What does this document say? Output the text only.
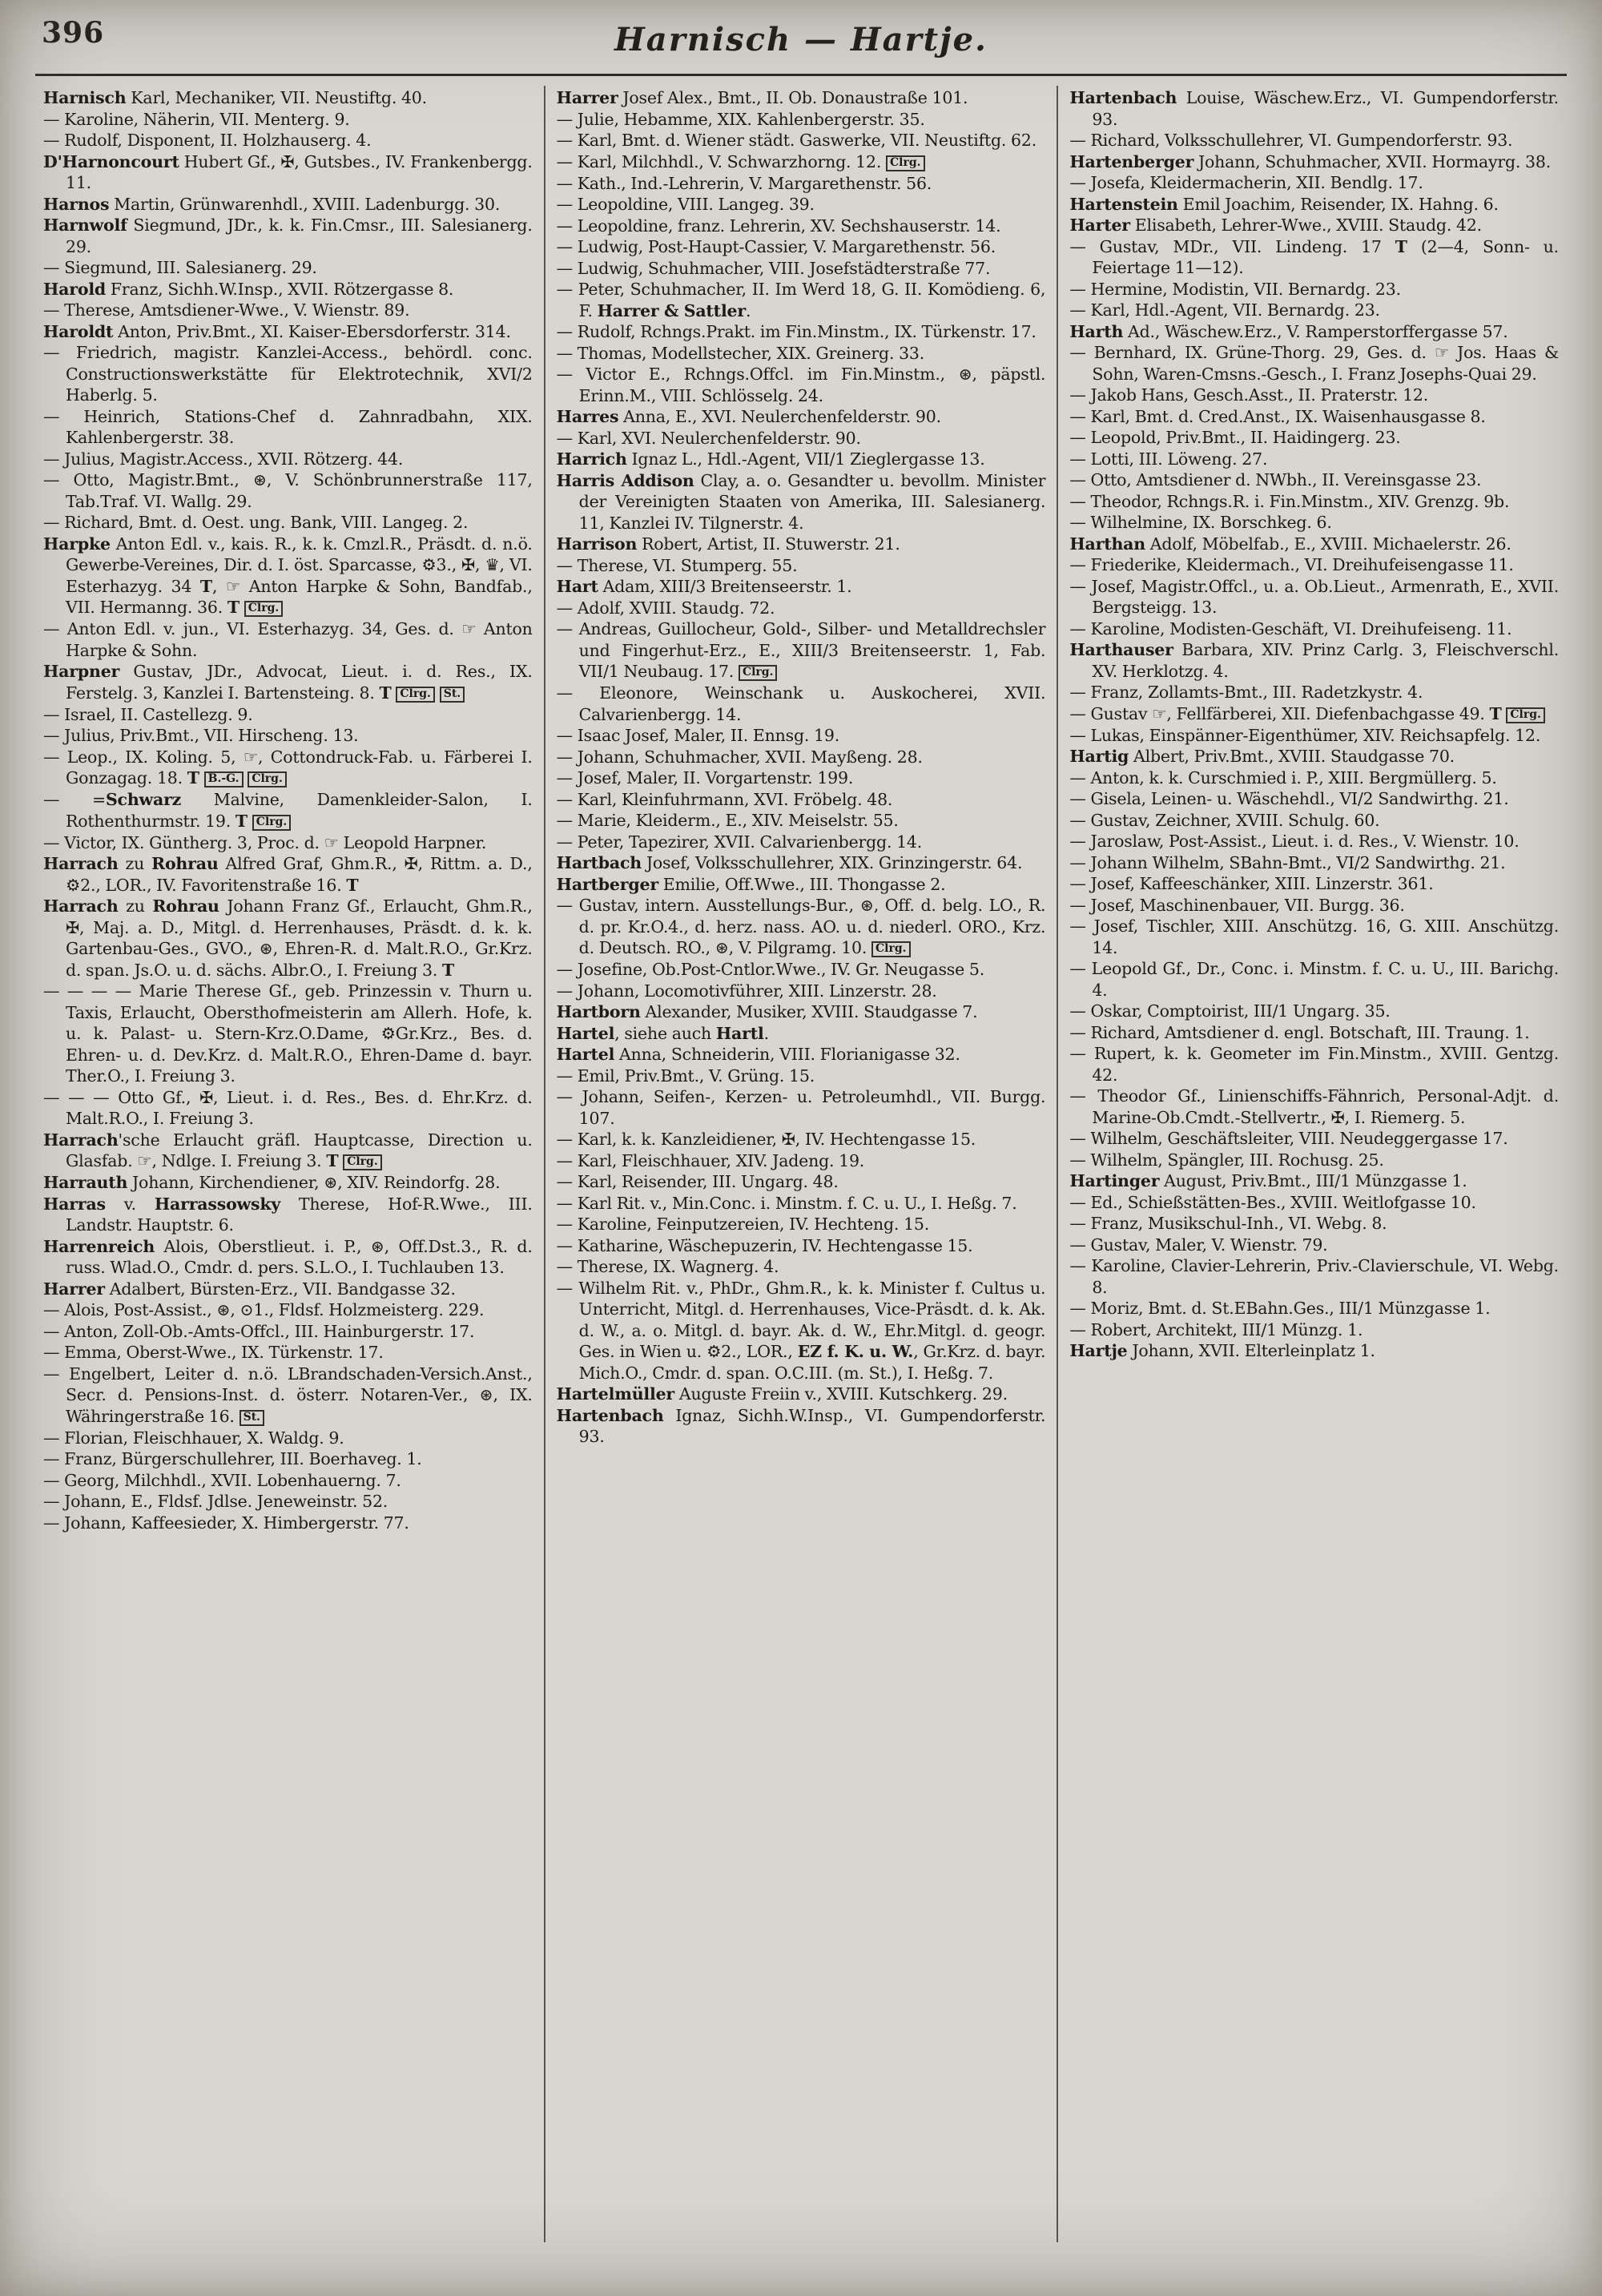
396	Harnisch — Hartje.

Harnisch Karl, Mechaniker, VII. Neustiftg. 40.

— Karoline, Näherin, VII. Menterg. 9.

— Rudolf, Disponent, II. Holzhauserg. 4.

D'Harnoncourt Hubert Gf., ✠, Gutsbes., IV. Frankenbergg. 11.

Harnos Martin, Grünwarenhdl., XVIII. Ladenburgg. 30.

Harnwolf Siegmund, JDr., k. k. Fin.Cmsr., III. Salesianerg. 29.

— Siegmund, III. Salesianerg. 29.

Harold Franz, Sichh.W.Insp., XVII. Rötzergasse 8.

— Therese, Amtsdiener-Wwe., V. Wienstr. 89.

Haroldt Anton, Priv.Bmt., XI. Kaiser-Ebersdorferstr. 314.

— Friedrich, magistr. Kanzlei-Access., behördl. conc. Constructionswerkstätte für Elektrotechnik, XVI/2 Haberlg. 5.

— Heinrich, Stations-Chef d. Zahnradbahn, XIX. Kahlenbergerstr. 38.

— Julius, Magistr.Access., XVII. Rötzerg. 44.

— Otto, Magistr.Bmt., ⊛, V. Schönbrunnerstraße 117, Tab.Traf. VI. Wallg. 29.

— Richard, Bmt. d. Oest. ung. Bank, VIII. Langeg. 2.

Harpke Anton Edl. v., kais. R., k. k. Cmzl.R., Präsdt. d. n.ö. Gewerbe-Vereines, Dir. d. I. öst. Sparcasse, ⚙3., ✠, ♛, VI. Esterhazyg. 34 T, ☞ Anton Harpke & Sohn, Bandfab., VII. Hermanng. 36. T Clrg.

— Anton Edl. v. jun., VI. Esterhazyg. 34, Ges. d. ☞ Anton Harpke & Sohn.

Harpner Gustav, JDr., Advocat, Lieut. i. d. Res., IX. Ferstelg. 3, Kanzlei I. Bartensteing. 8. T Clrg. St.

— Israel, II. Castellezg. 9.

— Julius, Priv.Bmt., VII. Hirscheng. 13.

— Leop., IX. Koling. 5, ☞, Cottondruck-Fab. u. Färberei I. Gonzagag. 18. T B.-G. Clrg.

— =Schwarz Malvine, Damenkleider-Salon, I. Rothenthurmstr. 19. T Clrg.

— Victor, IX. Güntherg. 3, Proc. d. ☞ Leopold Harpner.

Harrach zu Rohrau Alfred Graf, Ghm.R., ✠, Rittm. a. D., ⚙2., LOR., IV. Favoritenstraße 16. T

Harrach zu Rohrau Johann Franz Gf., Erlaucht, Ghm.R., ✠, Maj. a. D., Mitgl. d. Herrenhauses, Präsdt. d. k. k. Gartenbau-Ges., GVO., ⊛, Ehren-R. d. Malt.R.O., Gr.Krz. d. span. Js.O. u. d. sächs. Albr.O., I. Freiung 3. T

— — — — Marie Therese Gf., geb. Prinzessin v. Thurn u. Taxis, Erlaucht, Obersthofmeisterin am Allerh. Hofe, k. u. k. Palast- u. Stern-Krz.O.Dame, ⚙Gr.Krz., Bes. d. Ehren- u. d. Dev.Krz. d. Malt.R.O., Ehren-Dame d. bayr. Ther.O., I. Freiung 3.

— — — Otto Gf., ✠, Lieut. i. d. Res., Bes. d. Ehr.Krz. d. Malt.R.O., I. Freiung 3.

Harrach'sche Erlaucht gräfl. Hauptcasse, Direction u. Glasfab. ☞, Ndlge. I. Freiung 3. T Clrg.

Harrauth Johann, Kirchendiener, ⊛, XIV. Reindorfg. 28.

Harras v. Harrassowsky Therese, Hof-R.Wwe., III. Landstr. Hauptstr. 6.

Harrenreich Alois, Oberstlieut. i. P., ⊛, Off.Dst.3., R. d. russ. Wlad.O., Cmdr. d. pers. S.L.O., I. Tuchlauben 13.

Harrer Adalbert, Bürsten-Erz., VII. Bandgasse 32.

— Alois, Post-Assist., ⊛, ⊙1., Fldsf. Holzmeisterg. 229.

— Anton, Zoll-Ob.-Amts-Offcl., III. Hainburgerstr. 17.

— Emma, Oberst-Wwe., IX. Türkenstr. 17.

— Engelbert, Leiter d. n.ö. LBrandschaden-Versich.Anst., Secr. d. Pensions-Inst. d. österr. Notaren-Ver., ⊛, IX. Währingerstraße 16. St.

— Florian, Fleischhauer, X. Waldg. 9.

— Franz, Bürgerschullehrer, III. Boerhaveg. 1.

— Georg, Milchhdl., XVII. Lobenhauerng. 7.

— Johann, E., Fldsf. Jdlse. Jeneweinstr. 52.

— Johann, Kaffeesieder, X. Himbergerstr. 77.

Harrer Josef Alex., Bmt., II. Ob. Donaustraße 101.

— Julie, Hebamme, XIX. Kahlenbergerstr. 35.

— Karl, Bmt. d. Wiener städt. Gaswerke, VII. Neustiftg. 62.

— Karl, Milchhdl., V. Schwarzhorng. 12. Clrg.

— Kath., Ind.-Lehrerin, V. Margarethenstr. 56.

— Leopoldine, VIII. Langeg. 39.

— Leopoldine, franz. Lehrerin, XV. Sechshauserstr. 14.

— Ludwig, Post-Haupt-Cassier, V. Margarethenstr. 56.

— Ludwig, Schuhmacher, VIII. Josefstädterstraße 77.

— Peter, Schuhmacher, II. Im Werd 18, G. II. Komödieng. 6, F. Harrer & Sattler.

— Rudolf, Rchngs.Prakt. im Fin.Minstm., IX. Türkenstr. 17.

— Thomas, Modellstecher, XIX. Greinerg. 33.

— Victor E., Rchngs.Offcl. im Fin.Minstm., ⊛, päpstl. Erinn.M., VIII. Schlösselg. 24.

Harres Anna, E., XVI. Neulerchenfelderstr. 90.

— Karl, XVI. Neulerchenfelderstr. 90.

Harrich Ignaz L., Hdl.-Agent, VII/1 Zieglergasse 13.

Harris Addison Clay, a. o. Gesandter u. bevollm. Minister der Vereinigten Staaten von Amerika, III. Salesianerg. 11, Kanzlei IV. Tilgnerstr. 4.

Harrison Robert, Artist, II. Stuwerstr. 21.

— Therese, VI. Stumperg. 55.

Hart Adam, XIII/3 Breitenseerstr. 1.

— Adolf, XVIII. Staudg. 72.

— Andreas, Guillocheur, Gold-, Silber- und Metalldrechsler und Fingerhut-Erz., E., XIII/3 Breitenseerstr. 1, Fab. VII/1 Neubaug. 17. Clrg.

— Eleonore, Weinschank u. Auskocherei, XVII. Calvarienbergg. 14.

— Isaac Josef, Maler, II. Ennsg. 19.

— Johann, Schuhmacher, XVII. Mayßeng. 28.

— Josef, Maler, II. Vorgartenstr. 199.

— Karl, Kleinfuhrmann, XVI. Fröbelg. 48.

— Marie, Kleiderm., E., XIV. Meiselstr. 55.

— Peter, Tapezirer, XVII. Calvarienbergg. 14.

Hartbach Josef, Volksschullehrer, XIX. Grinzingerstr. 64.

Hartberger Emilie, Off.Wwe., III. Thongasse 2.

— Gustav, intern. Ausstellungs-Bur., ⊛, Off. d. belg. LO., R. d. pr. Kr.O.4., d. herz. nass. AO. u. d. niederl. ORO., Krz. d. Deutsch. RO., ⊛, V. Pilgramg. 10. Clrg.

— Josefine, Ob.Post-Cntlor.Wwe., IV. Gr. Neugasse 5.

— Johann, Locomotivführer, XIII. Linzerstr. 28.

Hartborn Alexander, Musiker, XVIII. Staudgasse 7.

Hartel, siehe auch Hartl.

Hartel Anna, Schneiderin, VIII. Florianigasse 32.

— Emil, Priv.Bmt., V. Grüng. 15.

— Johann, Seifen-, Kerzen- u. Petroleumhdl., VII. Burgg. 107.

— Karl, k. k. Kanzleidiener, ✠, IV. Hechtengasse 15.

— Karl, Fleischhauer, XIV. Jadeng. 19.

— Karl, Reisender, III. Ungarg. 48.

— Karl Rit. v., Min.Conc. i. Minstm. f. C. u. U., I. Heßg. 7.

— Karoline, Feinputzereien, IV. Hechteng. 15.

— Katharine, Wäschepuzerin, IV. Hechtengasse 15.

— Therese, IX. Wagnerg. 4.

— Wilhelm Rit. v., PhDr., Ghm.R., k. k. Minister f. Cultus u. Unterricht, Mitgl. d. Herrenhauses, Vice-Präsdt. d. k. Ak. d. W., a. o. Mitgl. d. bayr. Ak. d. W., Ehr.Mitgl. d. geogr. Ges. in Wien u. ⚙2., LOR., EZ f. K. u. W., Gr.Krz. d. bayr. Mich.O., Cmdr. d. span. O.C.III. (m. St.), I. Heßg. 7.

Hartelmüller Auguste Freiin v., XVIII. Kutschkerg. 29.

Hartenbach Ignaz, Sichh.W.Insp., VI. Gumpendorferstr. 93.

Hartenbach Louise, Wäschew.Erz., VI. Gumpendorferstr. 93.

— Richard, Volksschullehrer, VI. Gumpendorferstr. 93.

Hartenberger Johann, Schuhmacher, XVII. Hormayrg. 38.

— Josefa, Kleidermacherin, XII. Bendlg. 17.

Hartenstein Emil Joachim, Reisender, IX. Hahng. 6.

Harter Elisabeth, Lehrer-Wwe., XVIII. Staudg. 42.

— Gustav, MDr., VII. Lindeng. 17 T (2—4, Sonn- u. Feiertage 11—12).

— Hermine, Modistin, VII. Bernardg. 23.

— Karl, Hdl.-Agent, VII. Bernardg. 23.

Harth Ad., Wäschew.Erz., V. Ramperstorffergasse 57.

— Bernhard, IX. Grüne-Thorg. 29, Ges. d. ☞ Jos. Haas & Sohn, Waren-Cmsns.-Gesch., I. Franz Josephs-Quai 29.

— Jakob Hans, Gesch.Asst., II. Praterstr. 12.

— Karl, Bmt. d. Cred.Anst., IX. Waisenhausgasse 8.

— Leopold, Priv.Bmt., II. Haidingerg. 23.

— Lotti, III. Löweng. 27.

— Otto, Amtsdiener d. NWbh., II. Vereinsgasse 23.

— Theodor, Rchngs.R. i. Fin.Minstm., XIV. Grenzg. 9b.

— Wilhelmine, IX. Borschkeg. 6.

Harthan Adolf, Möbelfab., E., XVIII. Michaelerstr. 26.

— Friederike, Kleidermach., VI. Dreihufeisengasse 11.

— Josef, Magistr.Offcl., u. a. Ob.Lieut., Armenrath, E., XVII. Bergsteigg. 13.

— Karoline, Modisten-Geschäft, VI. Dreihufeiseng. 11.

Harthauser Barbara, XIV. Prinz Carlg. 3, Fleischverschl. XV. Herklotzg. 4.

— Franz, Zollamts-Bmt., III. Radetzkystr. 4.

— Gustav ☞, Fellfärberei, XII. Diefenbachgasse 49. T Clrg.

— Lukas, Einspänner-Eigenthümer, XIV. Reichsapfelg. 12.

Hartig Albert, Priv.Bmt., XVIII. Staudgasse 70.

— Anton, k. k. Curschmied i. P., XIII. Bergmüllerg. 5.

— Gisela, Leinen- u. Wäschehdl., VI/2 Sandwirthg. 21.

— Gustav, Zeichner, XVIII. Schulg. 60.

— Jaroslaw, Post-Assist., Lieut. i. d. Res., V. Wienstr. 10.

— Johann Wilhelm, SBahn-Bmt., VI/2 Sandwirthg. 21.

— Josef, Kaffeeschänker, XIII. Linzerstr. 361.

— Josef, Maschinenbauer, VII. Burgg. 36.

— Josef, Tischler, XIII. Anschützg. 16, G. XIII. Anschützg. 14.

— Leopold Gf., Dr., Conc. i. Minstm. f. C. u. U., III. Barichg. 4.

— Oskar, Comptoirist, III/1 Ungarg. 35.

— Richard, Amtsdiener d. engl. Botschaft, III. Traung. 1.

— Rupert, k. k. Geometer im Fin.Minstm., XVIII. Gentzg. 42.

— Theodor Gf., Linienschiffs-Fähnrich, Personal-Adjt. d. Marine-Ob.Cmdt.-Stellvertr., ✠, I. Riemerg. 5.

— Wilhelm, Geschäftsleiter, VIII. Neudeggergasse 17.

— Wilhelm, Spängler, III. Rochusg. 25.

Hartinger August, Priv.Bmt., III/1 Münzgasse 1.

— Ed., Schießstätten-Bes., XVIII. Weitlofgasse 10.

— Franz, Musikschul-Inh., VI. Webg. 8.

— Gustav, Maler, V. Wienstr. 79.

— Karoline, Clavier-Lehrerin, Priv.-Clavierschule, VI. Webg. 8.

— Moriz, Bmt. d. St.EBahn.Ges., III/1 Münzgasse 1.

— Robert, Architekt, III/1 Münzg. 1.

Hartje Johann, XVII. Elterleinplatz 1.
